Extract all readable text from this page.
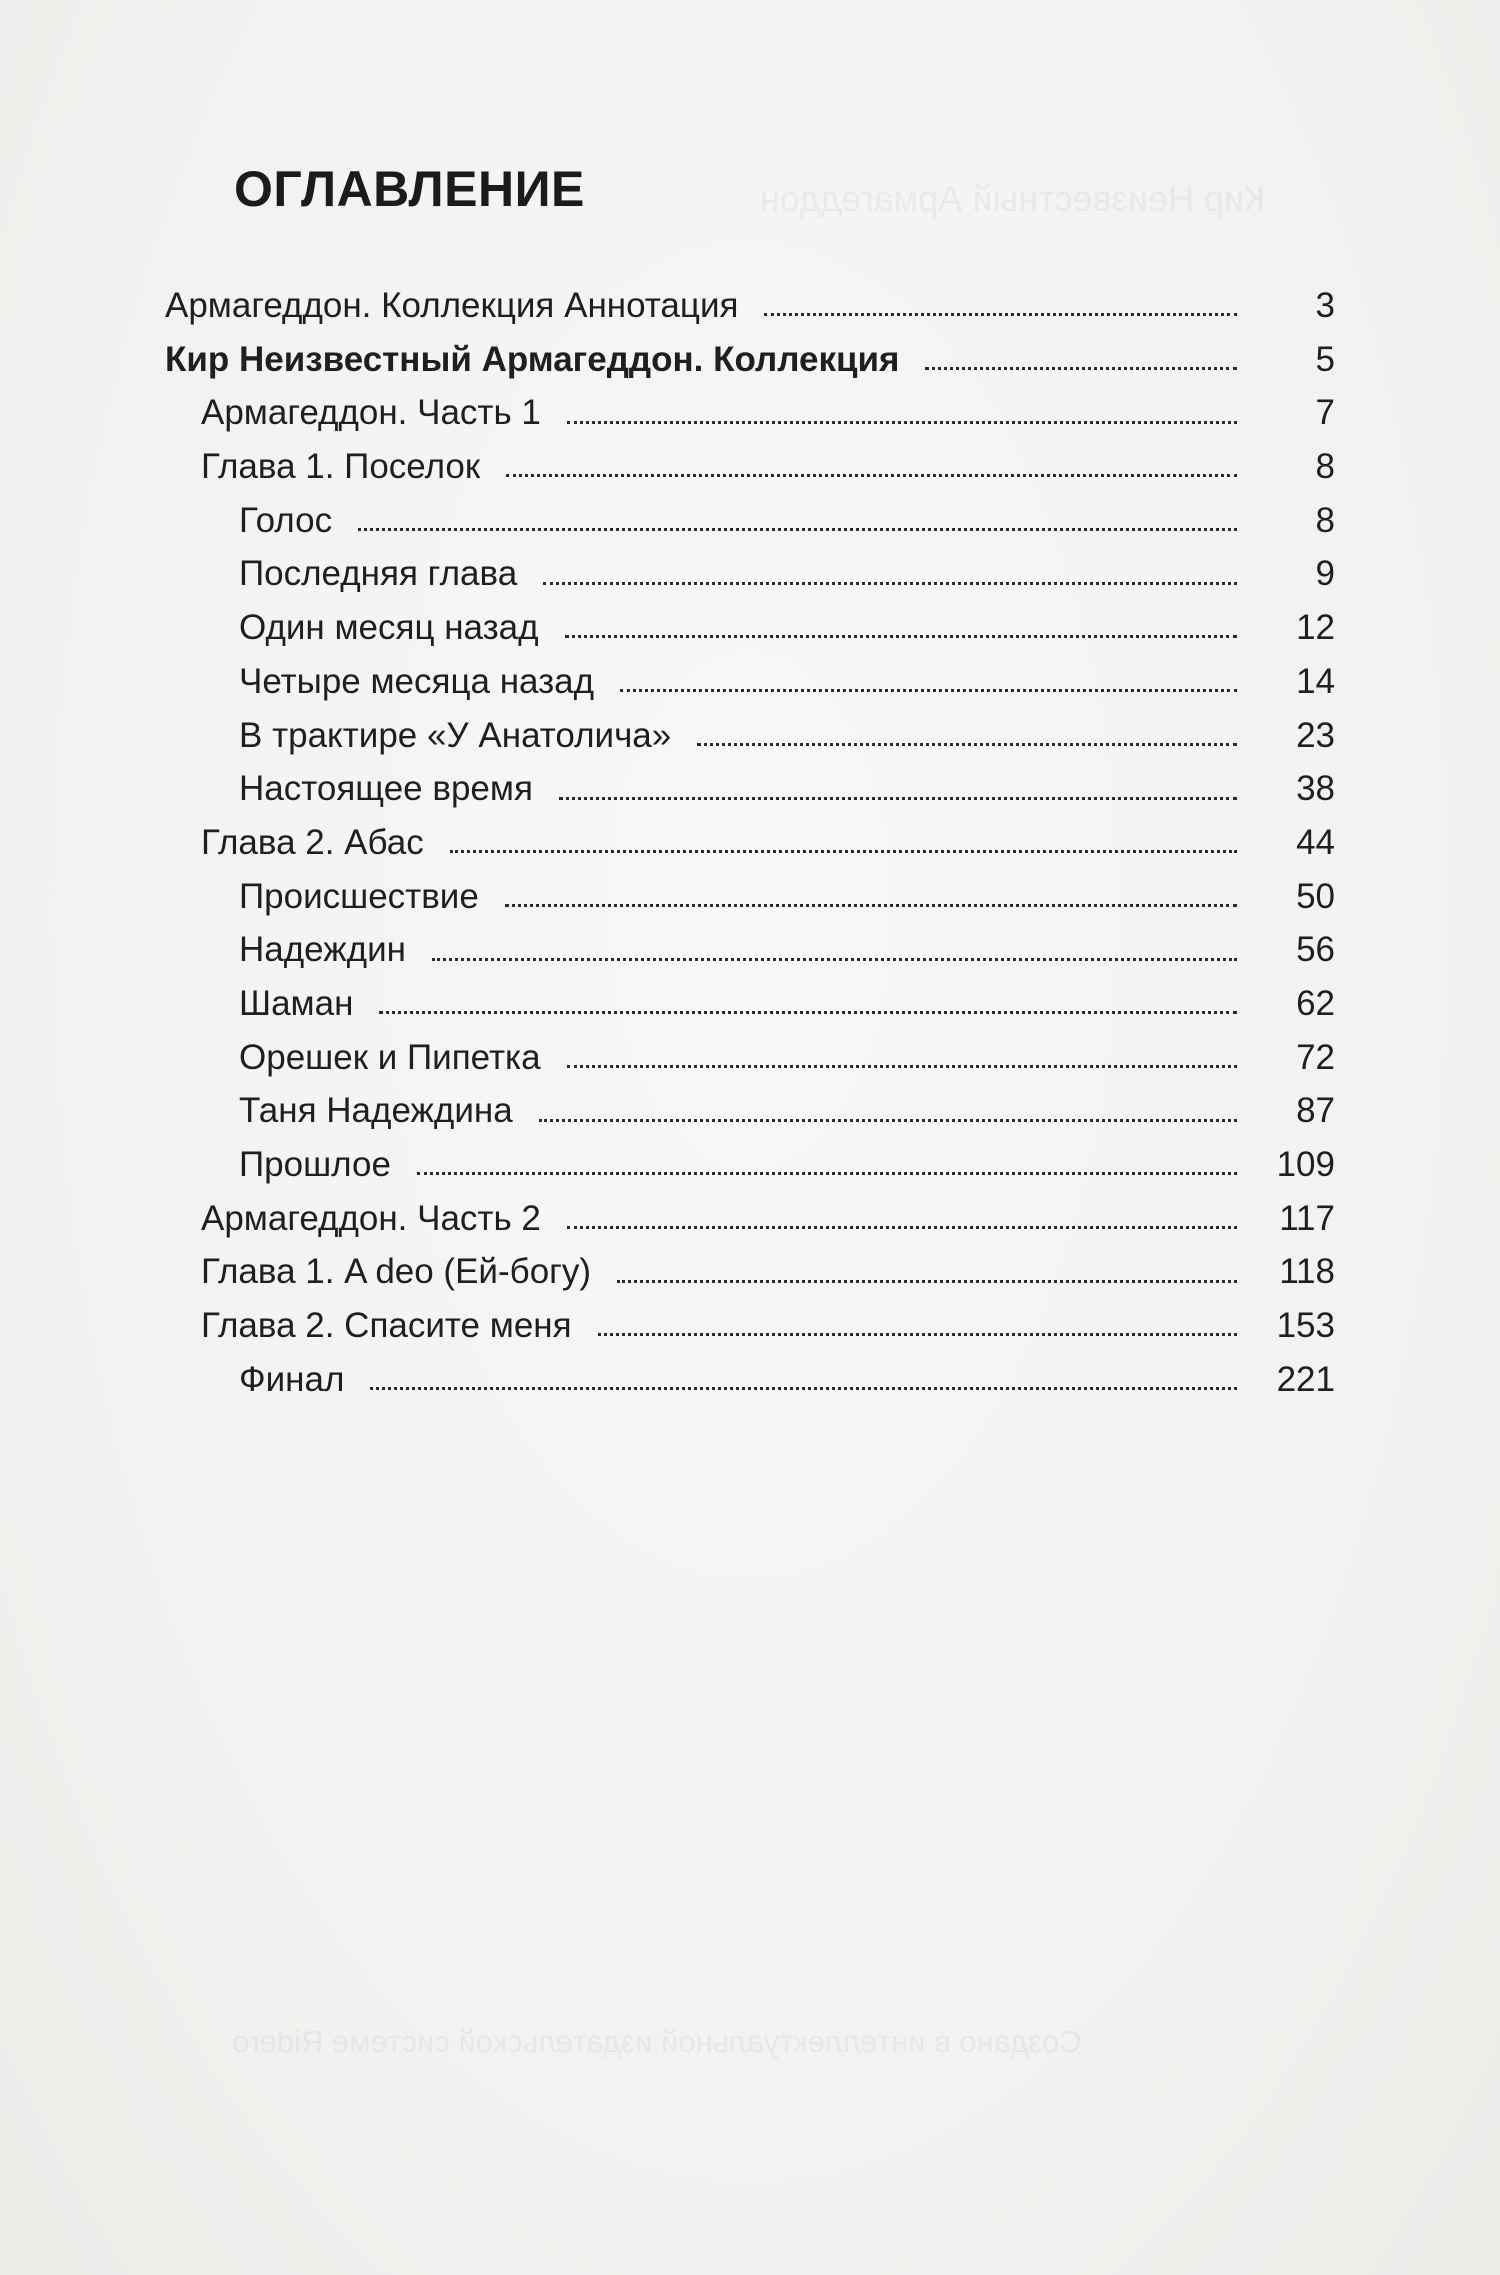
ОГЛАВЛЕНИЕ
Армагеддон. Коллекция Аннотация	3
Кир Неизвестный Армагеддон. Коллекция	5
Армагеддон. Часть 1	7
Глава 1. Поселок	8
Голос	8
Последняя глава	9
Один месяц назад	12
Четыре месяца назад	14
В трактире «У Анатолича»	23
Настоящее время	38
Глава 2. Абас	44
Происшествие	50
Надеждин	56
Шаман	62
Орешек и Пипетка	72
Таня Надеждина	87
Прошлое	109
Армагеддон. Часть 2	117
Глава 1. A deo (Ей-богу)	118
Глава 2. Спасите меня	153
Финал	221
